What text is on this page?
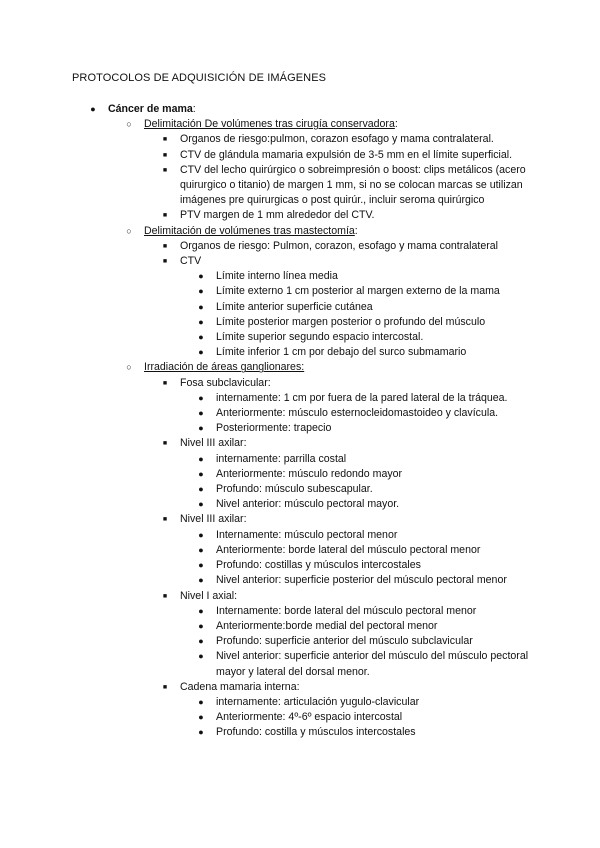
PROTOCOLOS DE ADQUISICIÓN DE IMÁGENES
●	Cáncer de mama:
○	Delimitación De volúmenes tras cirugía conservadora:
■	Organos de riesgo:pulmon, corazon esofago y mama contralateral.
■	CTV de glándula mamaria expulsión de 3-5 mm en el límite superficial.
■	CTV del lecho quirúrgico o sobreimpresión o boost: clips metálicos (acero quirurgico o titanio) de margen 1 mm, si no se colocan marcas se utilizan imágenes pre quirurgicas o post quirúr., incluir seroma quirúrgico
■	PTV margen de 1 mm alrededor del CTV.
○	Delimitación de volúmenes tras mastectomía:
■	Organos de riesgo: Pulmon, corazon, esofago y mama contralateral
■	CTV
●	Límite interno línea media
●	Límite externo 1 cm posterior al margen externo de la mama
●	Límite anterior superficie cutánea
●	Límite posterior margen posterior o profundo del músculo
●	Límite superior segundo espacio intercostal.
●	Límite inferior 1 cm por debajo del surco submamario
○	Irradiación de áreas ganglionares:
■	Fosa subclavicular:
●	internamente: 1 cm por fuera de la pared lateral de la tráquea.
●	Anteriormente: músculo esternocleidomastoideo y clavícula.
●	Posteriormente: trapecio
■	Nivel III axilar:
●	internamente: parrilla costal
●	Anteriormente: músculo redondo mayor
●	Profundo: músculo subescapular.
●	Nivel anterior: músculo pectoral mayor.
■	Nivel III axilar:
●	Internamente: músculo pectoral menor
●	Anteriormente: borde lateral del músculo pectoral menor
●	Profundo: costillas y músculos intercostales
●	Nivel anterior: superficie posterior del músculo pectoral menor
■	Nivel I axial:
●	Internamente: borde lateral del músculo pectoral menor
●	Anteriormente:borde medial del pectoral menor
●	Profundo: superficie anterior del músculo subclavicular
●	Nivel anterior: superficie anterior del músculo del músculo pectoral mayor y lateral del dorsal menor.
■	Cadena mamaria interna:
●	internamente: articulación yugulo-clavicular
●	Anteriormente: 4º-6º espacio intercostal
●	Profundo: costilla y músculos intercostales
